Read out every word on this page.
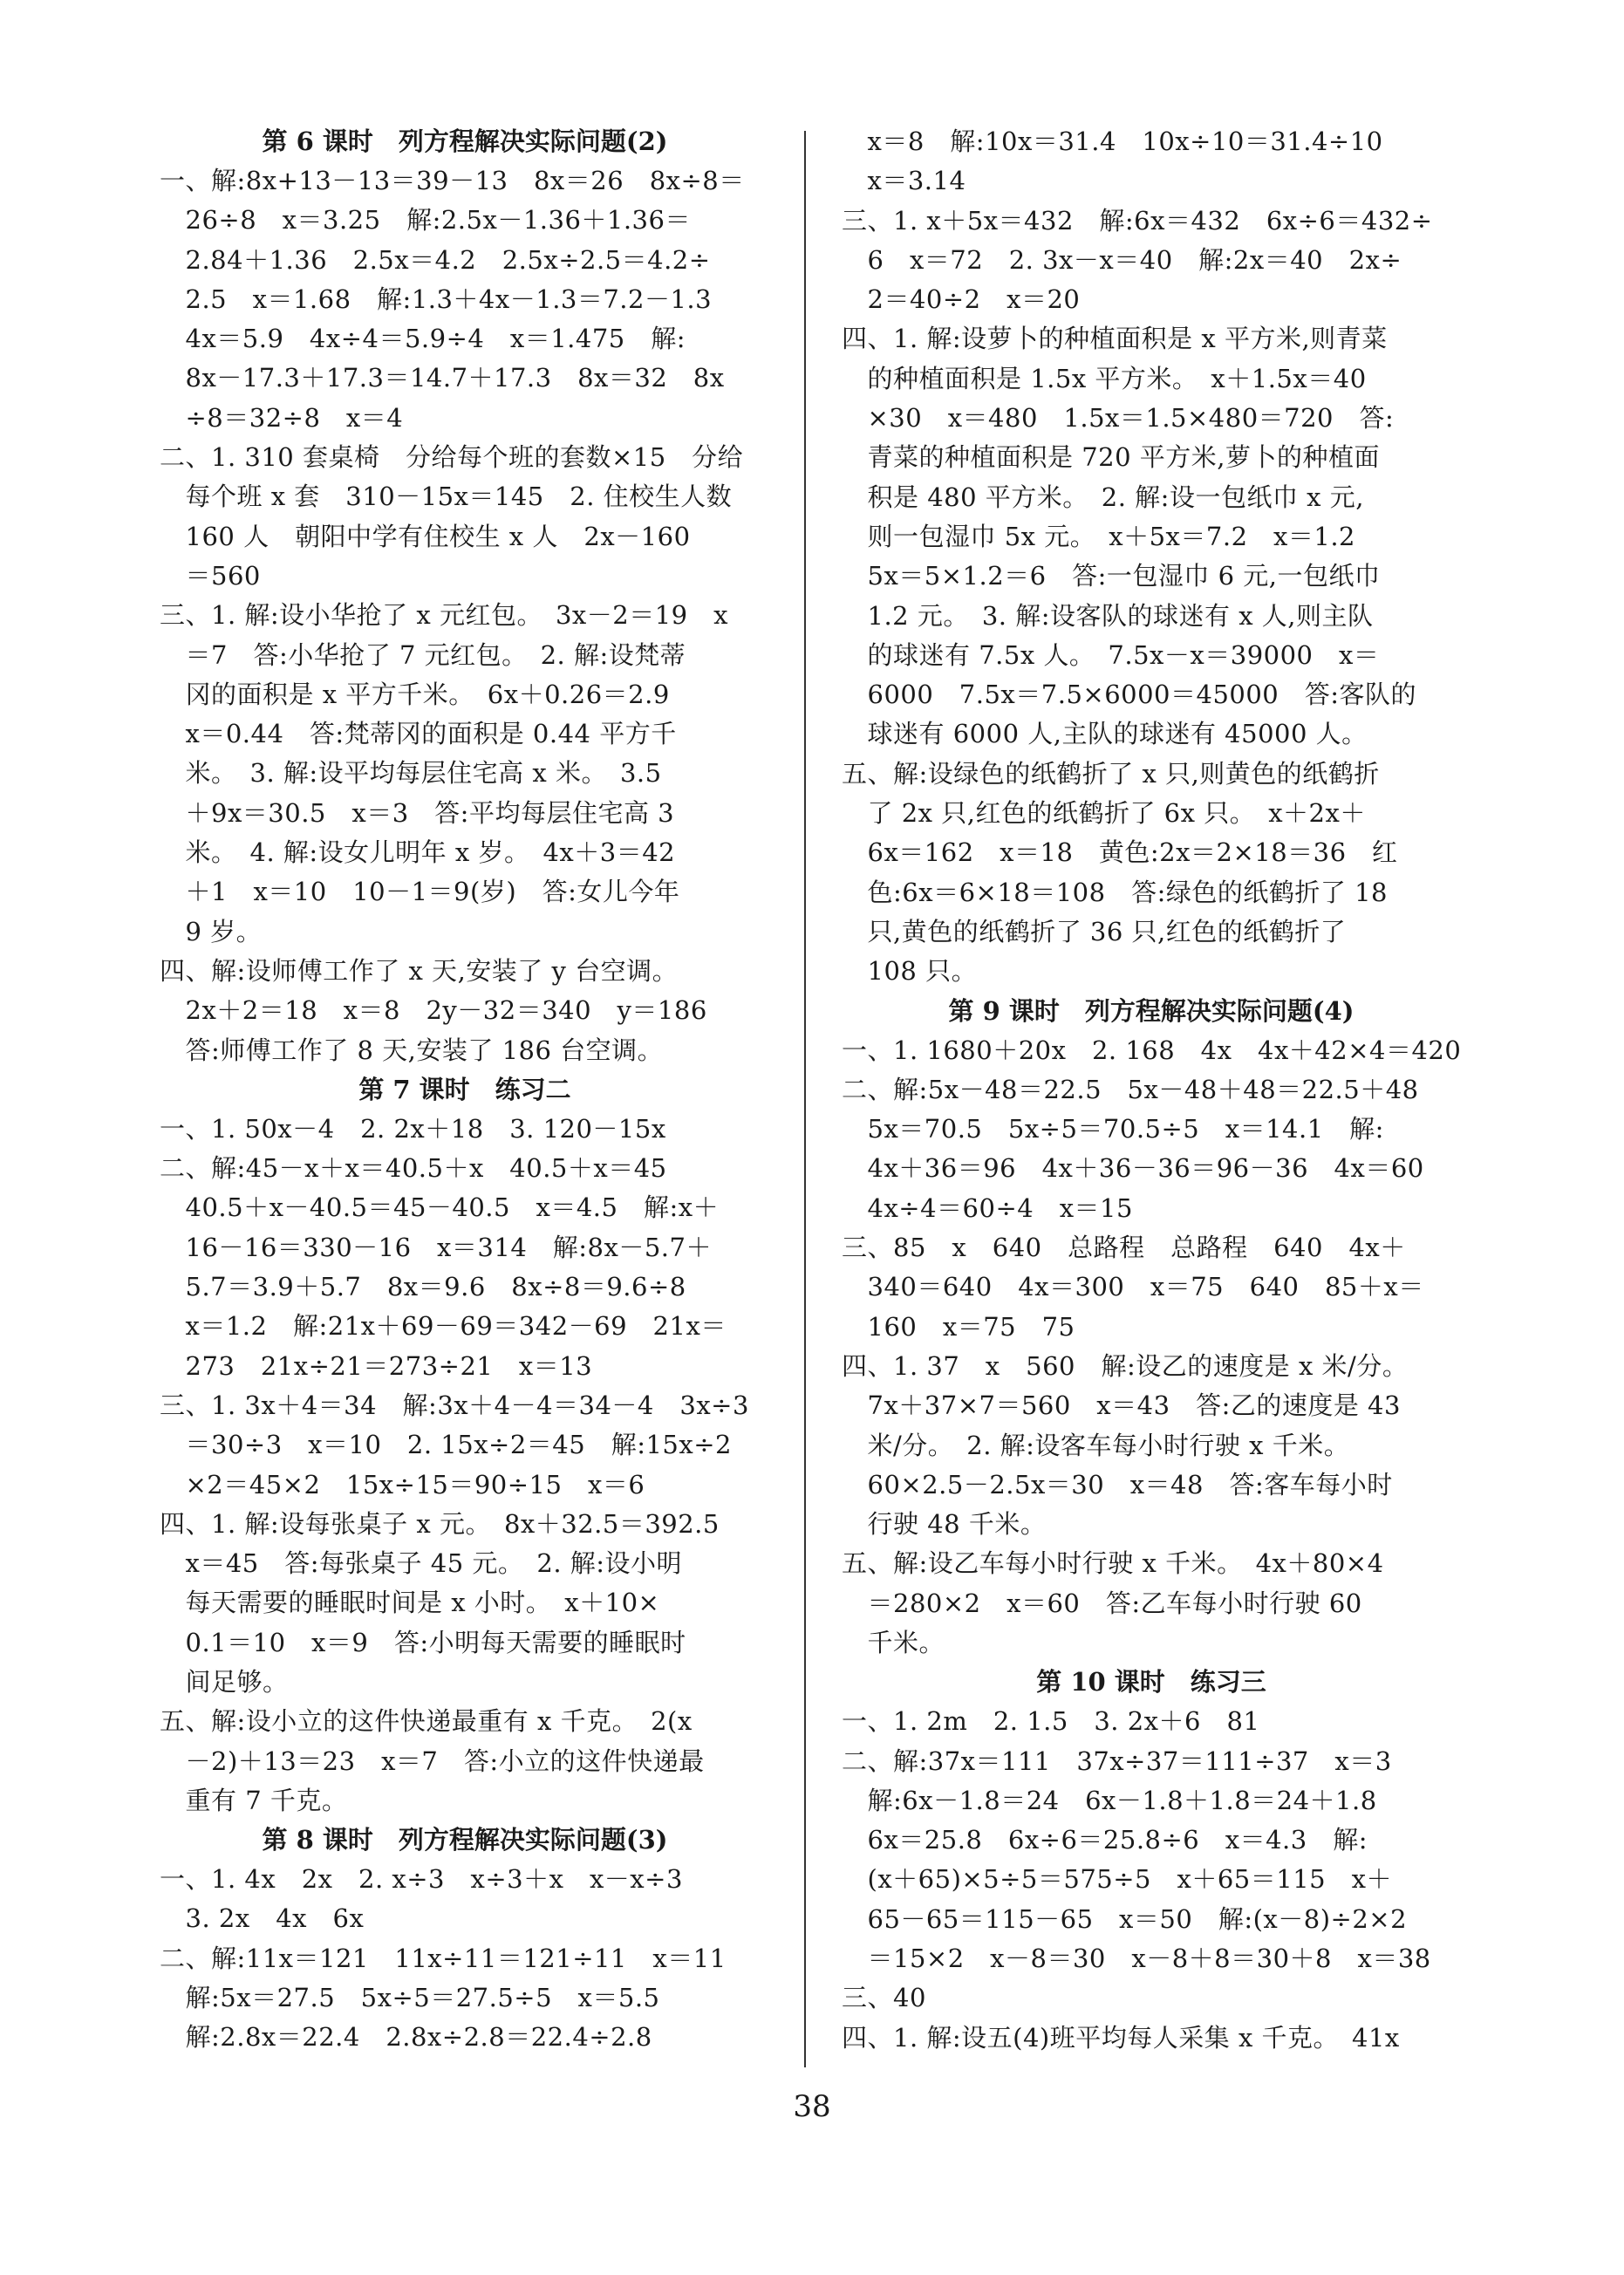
第 6 课时　列方程解决实际问题(2)
一、解:8x+13－13＝39－13　8x＝26　8x÷8＝
　26÷8　x＝3.25　解:2.5x－1.36＋1.36＝
　2.84＋1.36　2.5x＝4.2　2.5x÷2.5＝4.2÷
　2.5　x＝1.68　解:1.3＋4x－1.3＝7.2－1.3
　4x＝5.9　4x÷4＝5.9÷4　x＝1.475　解:
　8x－17.3＋17.3＝14.7＋17.3　8x＝32　8x
　÷8＝32÷8　x＝4
二、1. 310 套桌椅　分给每个班的套数×15　分给
　每个班 x 套　310－15x＝145　2. 住校生人数
　160 人　朝阳中学有住校生 x 人　2x－160
　＝560
三、1. 解:设小华抢了 x 元红包。　3x－2＝19　x
　＝7　答:小华抢了 7 元红包。　2. 解:设梵蒂
　冈的面积是 x 平方千米。　6x＋0.26＝2.9
　x＝0.44　答:梵蒂冈的面积是 0.44 平方千
　米。　3. 解:设平均每层住宅高 x 米。　3.5
　＋9x＝30.5　x＝3　答:平均每层住宅高 3
　米。　4. 解:设女儿明年 x 岁。　4x＋3＝42
　＋1　x＝10　10－1＝9(岁)　答:女儿今年
　9 岁。
四、解:设师傅工作了 x 天,安装了 y 台空调。
　2x＋2＝18　x＝8　2y－32＝340　y＝186
　答:师傅工作了 8 天,安装了 186 台空调。
第 7 课时　练习二
一、1. 50x－4　2. 2x＋18　3. 120－15x
二、解:45－x＋x＝40.5＋x　40.5＋x＝45
　40.5＋x－40.5＝45－40.5　x＝4.5　解:x＋
　16－16＝330－16　x＝314　解:8x－5.7＋
　5.7＝3.9＋5.7　8x＝9.6　8x÷8＝9.6÷8
　x＝1.2　解:21x＋69－69＝342－69　21x＝
　273　21x÷21＝273÷21　x＝13
三、1. 3x＋4＝34　解:3x＋4－4＝34－4　3x÷3
　＝30÷3　x＝10　2. 15x÷2＝45　解:15x÷2
　×2＝45×2　15x÷15＝90÷15　x＝6
四、1. 解:设每张桌子 x 元。　8x＋32.5＝392.5
　x＝45　答:每张桌子 45 元。　2. 解:设小明
　每天需要的睡眠时间是 x 小时。　x＋10×
　0.1＝10　x＝9　答:小明每天需要的睡眠时
　间足够。
五、解:设小立的这件快递最重有 x 千克。　2(x
　－2)＋13＝23　x＝7　答:小立的这件快递最
　重有 7 千克。
第 8 课时　列方程解决实际问题(3)
一、1. 4x　2x　2. x÷3　x÷3＋x　x－x÷3
　3. 2x　4x　6x
二、解:11x＝121　11x÷11＝121÷11　x＝11
　解:5x＝27.5　5x÷5＝27.5÷5　x＝5.5
　解:2.8x＝22.4　2.8x÷2.8＝22.4÷2.8
　x＝8　解:10x＝31.4　10x÷10＝31.4÷10
　x＝3.14
三、1. x＋5x＝432　解:6x＝432　6x÷6＝432÷
　6　x＝72　2. 3x－x＝40　解:2x＝40　2x÷
　2＝40÷2　x＝20
四、1. 解:设萝卜的种植面积是 x 平方米,则青菜
　的种植面积是 1.5x 平方米。　x＋1.5x＝40
　×30　x＝480　1.5x＝1.5×480＝720　答:
　青菜的种植面积是 720 平方米,萝卜的种植面
　积是 480 平方米。　2. 解:设一包纸巾 x 元,
　则一包湿巾 5x 元。　x＋5x＝7.2　x＝1.2
　5x＝5×1.2＝6　答:一包湿巾 6 元,一包纸巾
　1.2 元。　3. 解:设客队的球迷有 x 人,则主队
　的球迷有 7.5x 人。　7.5x－x＝39000　x＝
　6000　7.5x＝7.5×6000＝45000　答:客队的
　球迷有 6000 人,主队的球迷有 45000 人。
五、解:设绿色的纸鹤折了 x 只,则黄色的纸鹤折
　了 2x 只,红色的纸鹤折了 6x 只。　x＋2x＋
　6x＝162　x＝18　黄色:2x＝2×18＝36　红
　色:6x＝6×18＝108　答:绿色的纸鹤折了 18
　只,黄色的纸鹤折了 36 只,红色的纸鹤折了
　108 只。
第 9 课时　列方程解决实际问题(4)
一、1. 1680＋20x　2. 168　4x　4x＋42×4＝420
二、解:5x－48＝22.5　5x－48＋48＝22.5＋48
　5x＝70.5　5x÷5＝70.5÷5　x＝14.1　解:
　4x＋36＝96　4x＋36－36＝96－36　4x＝60
　4x÷4＝60÷4　x＝15
三、85　x　640　总路程　总路程　640　4x＋
　340＝640　4x＝300　x＝75　640　85＋x＝
　160　x＝75　75
四、1. 37　x　560　解:设乙的速度是 x 米/分。
　7x＋37×7＝560　x＝43　答:乙的速度是 43
　米/分。　2. 解:设客车每小时行驶 x 千米。
　60×2.5－2.5x＝30　x＝48　答:客车每小时
　行驶 48 千米。
五、解:设乙车每小时行驶 x 千米。　4x＋80×4
　＝280×2　x＝60　答:乙车每小时行驶 60
　千米。
第 10 课时　练习三
一、1. 2m　2. 1.5　3. 2x＋6　81
二、解:37x＝111　37x÷37＝111÷37　x＝3
　解:6x－1.8＝24　6x－1.8＋1.8＝24＋1.8
　6x＝25.8　6x÷6＝25.8÷6　x＝4.3　解:
　(x＋65)×5÷5＝575÷5　x＋65＝115　x＋
　65－65＝115－65　x＝50　解:(x－8)÷2×2
　＝15×2　x－8＝30　x－8＋8＝30＋8　x＝38
三、40
四、1. 解:设五(4)班平均每人采集 x 千克。　41x
38
